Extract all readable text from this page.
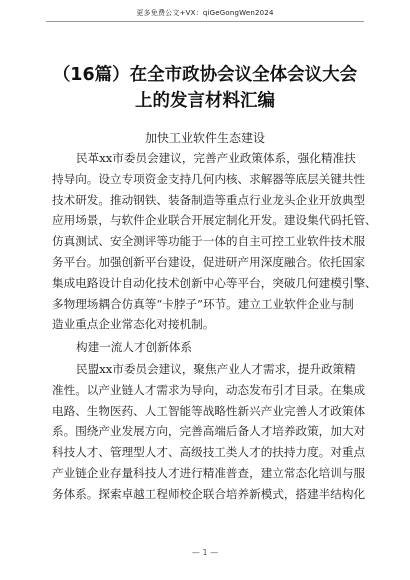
更多免费公文+VX：qiGeGongWen2024
（16篇）在全市政协会议全体会议大会
上的发言材料汇编
加快工业软件生态建设
民革xx市委员会建议，完善产业政策体系，强化精准扶
持导向。设立专项资金支持几何内核、求解器等底层关键共性
技术研发。推动钢铁、装备制造等重点行业龙头企业开放典型
应用场景，与软件企业联合开展定制化开发。建设集代码托管、
仿真测试、安全测评等功能于一体的自主可控工业软件技术服
务平台。加强创新平台建设，促进研产用深度融合。依托国家
集成电路设计自动化技术创新中心等平台，突破几何建模引擎、
多物理场耦合仿真等“卡脖子”环节。建立工业软件企业与制
造业重点企业常态化对接机制。
构建一流人才创新体系
民盟xx市委员会建议，聚焦产业人才需求，提升政策精
准性。以产业链人才需求为导向，动态发布引才目录。在集成
电路、生物医药、人工智能等战略性新兴产业完善人才政策体
系。围绕产业发展方向，完善高端后备人才培养政策，加大对
科技人才、管理型人才、高级技工类人才的扶持力度。对重点
产业链企业存量科技人才进行精准普查，建立常态化培训与服
务体系。探索卓越工程师校企联合培养新模式，搭建半结构化
— 1 —
